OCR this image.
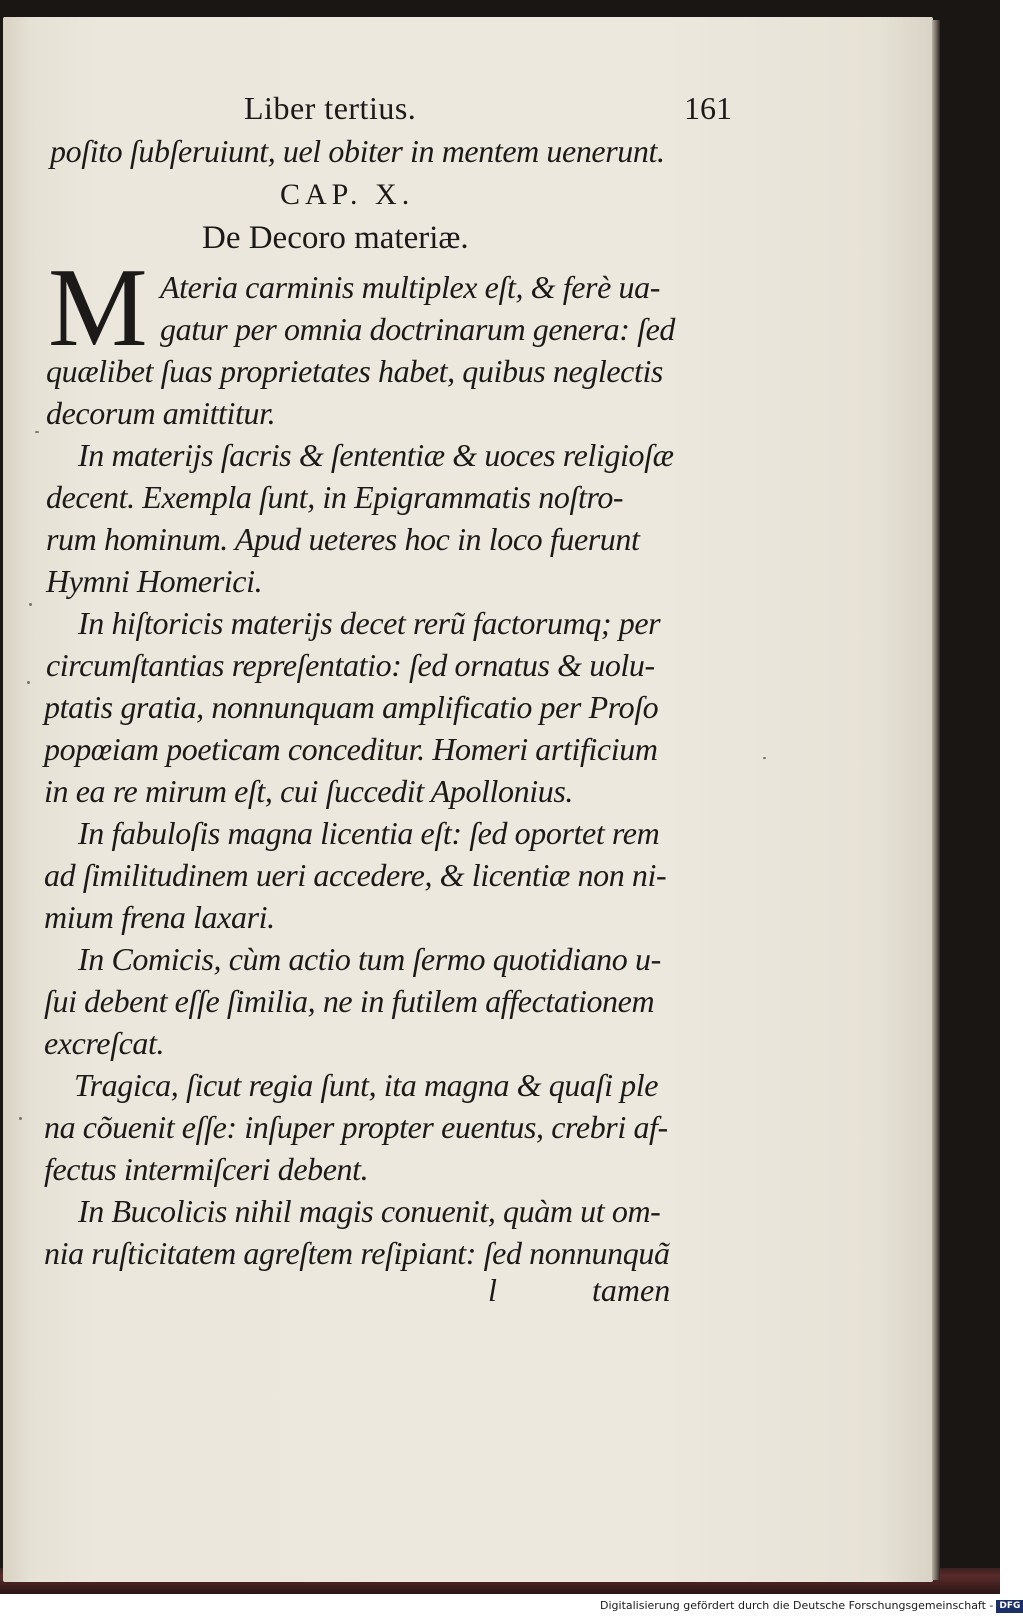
Liber tertius.	161
poſito ſubſeruiunt, uel obiter in mentem uenerunt.
CAP. X.
De Decoro materiæ.
M Ateria carminis multiplex eſt, & ferè ua-
gatur per omnia doctrinarum genera: ſed
quælibet ſuas proprietates habet, quibus neglectis
decorum amittitur.
In materijs ſacris & ſententiæ & uoces religioſæ
decent. Exempla ſunt, in Epigrammatis noſtro-
rum hominum. Apud ueteres hoc in loco fuerunt
Hymni Homerici.
In hiſtoricis materijs decet rerũ factorumq; per
circumſtantias repreſentatio: ſed ornatus & uolu-
ptatis gratia, nonnunquam amplificatio per Proſo
popœiam poeticam conceditur. Homeri artificium
in ea re mirum eſt, cui ſuccedit Apollonius.
In fabuloſis magna licentia eſt: ſed oportet rem
ad ſimilitudinem ueri accedere, & licentiæ non ni-
mium frena laxari.
In Comicis, cùm actio tum ſermo quotidiano u-
ſui debent eſſe ſimilia, ne in futilem affectationem
excreſcat.
Tragica, ſicut regia ſunt, ita magna & quaſi ple
na cõuenit eſſe: inſuper propter euentus, crebri af-
fectus intermiſceri debent.
In Bucolicis nihil magis conuenit, quàm ut om-
nia ruſticitatem agreſtem reſipiant: ſed nonnunquã
l	tamen
Digitalisierung gefördert durch die Deutsche Forschungsgemeinschaft - DFG
